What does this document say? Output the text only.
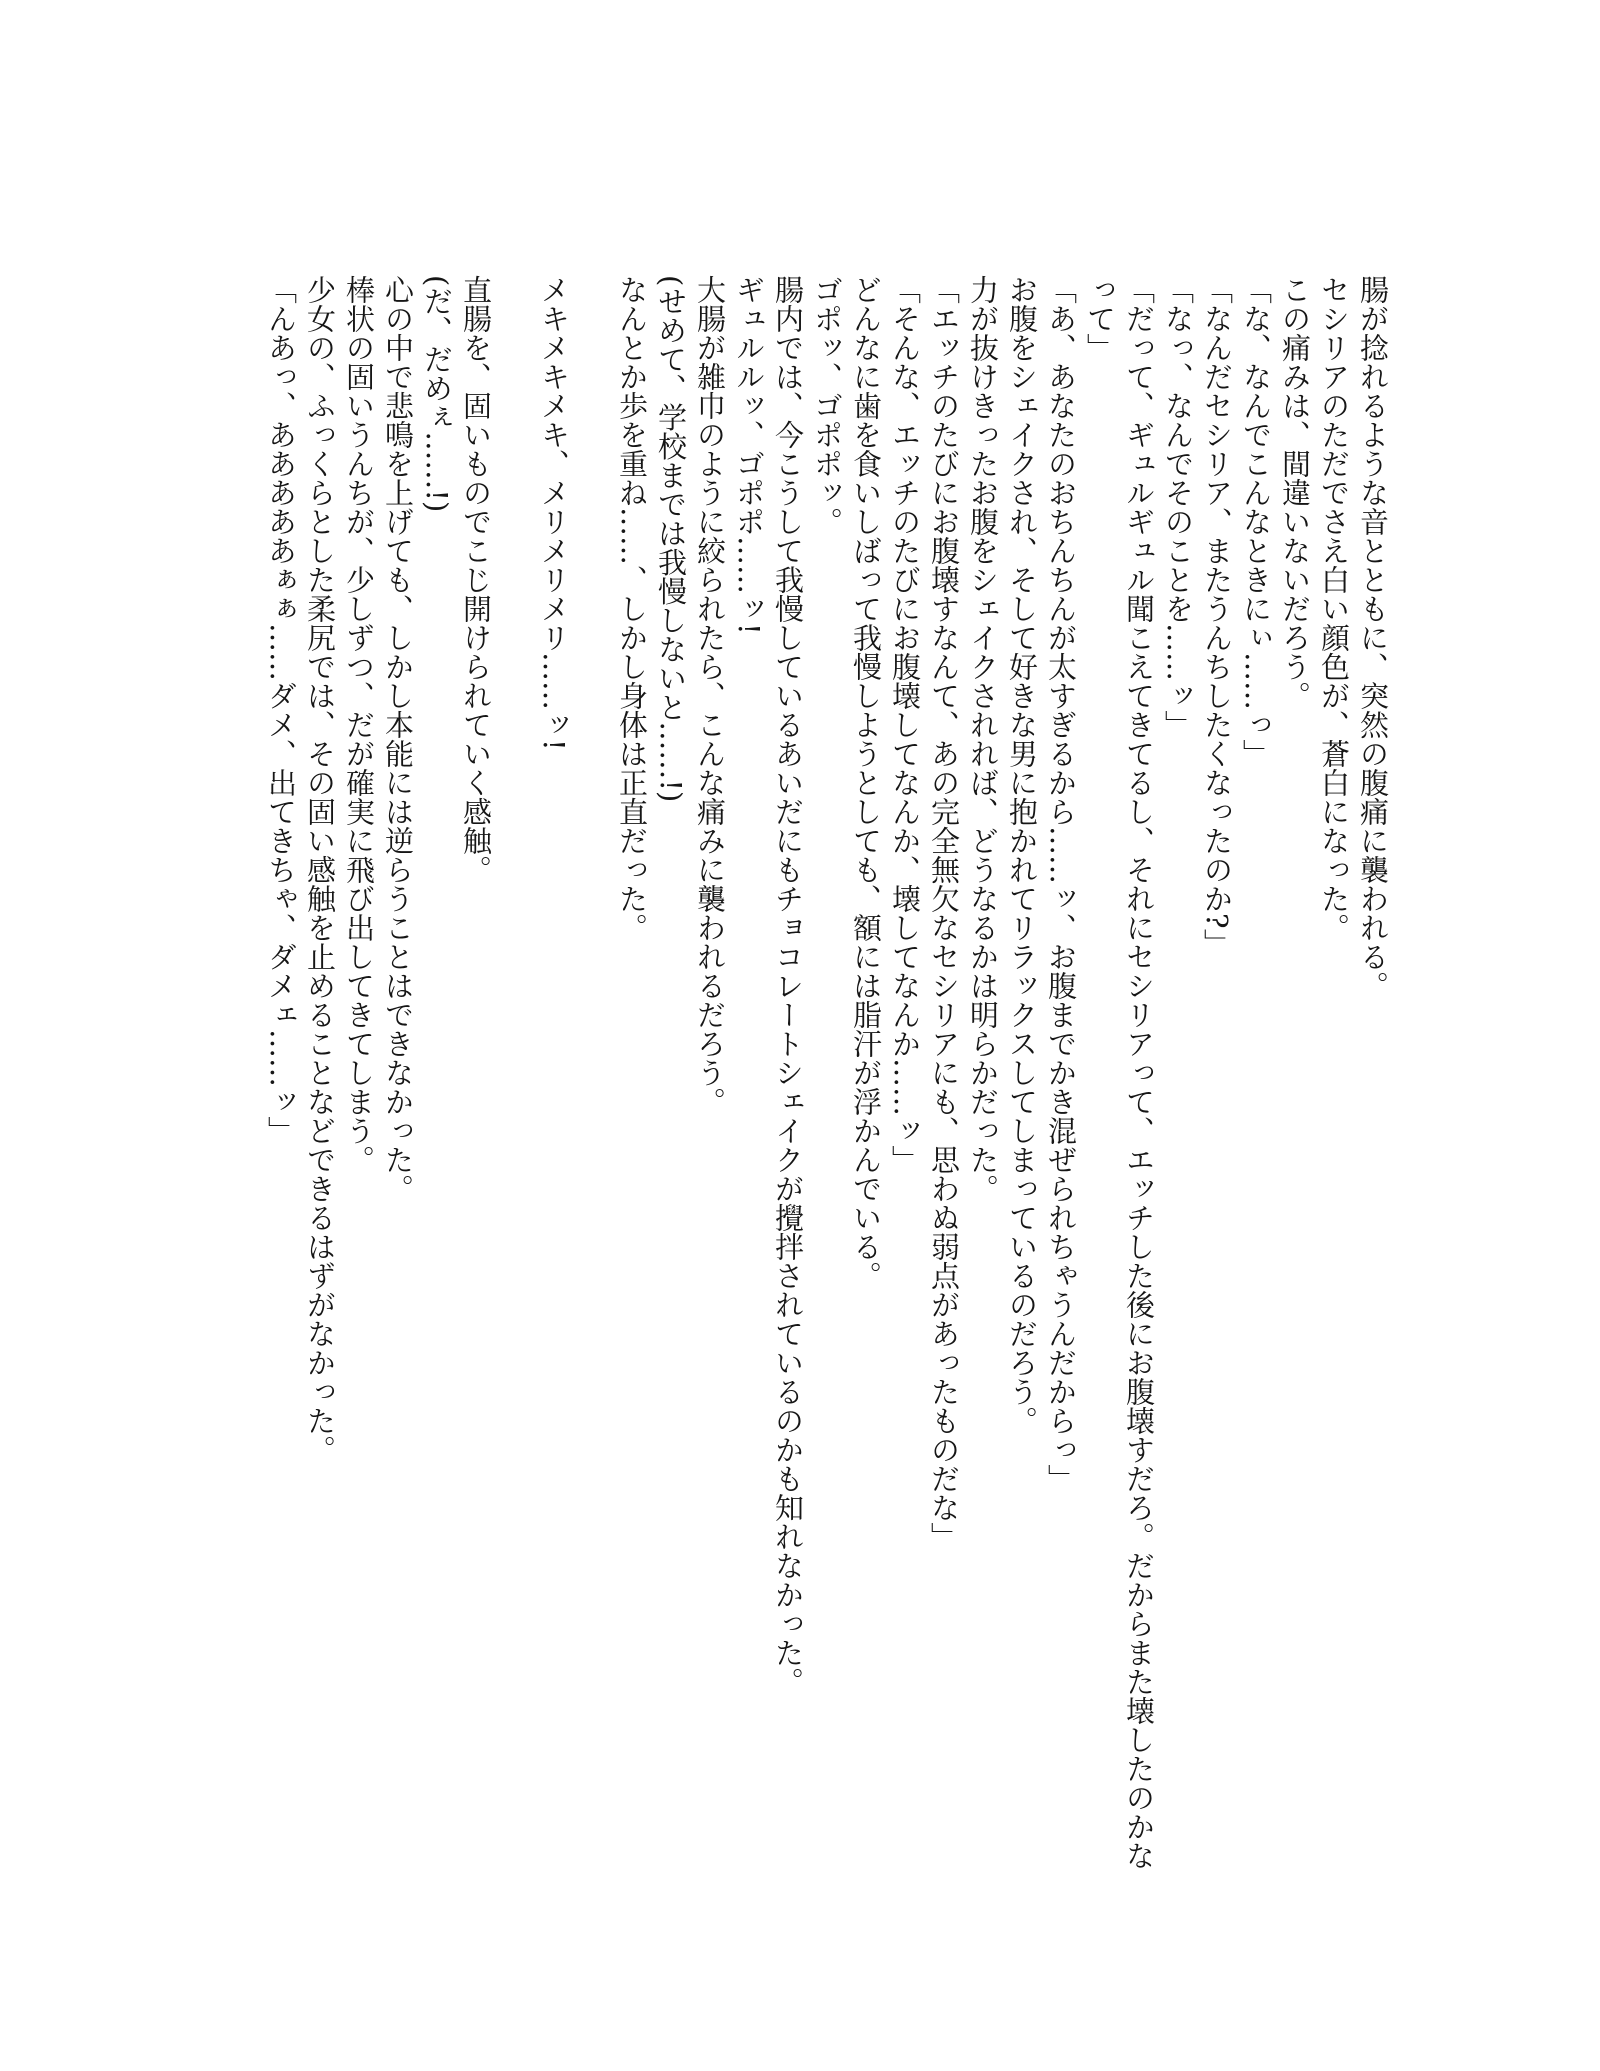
腸が捻れるような音とともに、突然の腹痛に襲われる。

セシリアのただでさえ白い顔色が、蒼白になった。

この痛みは、間違いないだろう。

「な、なんでこんなときにぃ……っ」

「なんだセシリア、またうんちしたくなったのか?」

「なっ、なんでそのことを……ッ」

「だって、ギュルギュル聞こえてきてるし、それにセシリアって、エッチした後にお腹壊すだろ。だからまた壊したのかな

って」

「あ、あなたのおちんちんが太すぎるから……ッ、お腹までかき混ぜられちゃうんだからっ」

お腹をシェイクされ、そして好きな男に抱かれてリラックスしてしまっているのだろう。

力が抜けきったお腹をシェイクされれば、どうなるかは明らかだった。

「エッチのたびにお腹壊すなんて、あの完全無欠なセシリアにも、思わぬ弱点があったものだな」

「そんな、エッチのたびにお腹壊してなんか、壊してなんか……ッ」

どんなに歯を食いしばって我慢しようとしても、額には脂汗が浮かんでいる。

ゴポッ、ゴポポッ。

腸内では、今こうして我慢しているあいだにもチョコレートシェイクが攪拌されているのかも知れなかった。

ギュルルッ、ゴポポ……ッ!

大腸が雑巾のように絞られたら、こんな痛みに襲われるだろう。

(せめて、学校までは我慢しないと……!)

なんとか歩を重ね……、しかし身体は正直だった。

メキメキメキ、メリメリメリ……ッ!

直腸を、固いものでこじ開けられていく感触。

(だ、だめぇ……!)

心の中で悲鳴を上げても、しかし本能には逆らうことはできなかった。

棒状の固いうんちが、少しずつ、だが確実に飛び出してきてしまう。

少女の、ふっくらとした柔尻では、その固い感触を止めることなどできるはずがなかった。

「んあっ、あああああぁぁ……ダメ、出てきちゃ、ダメェ……ッ」
